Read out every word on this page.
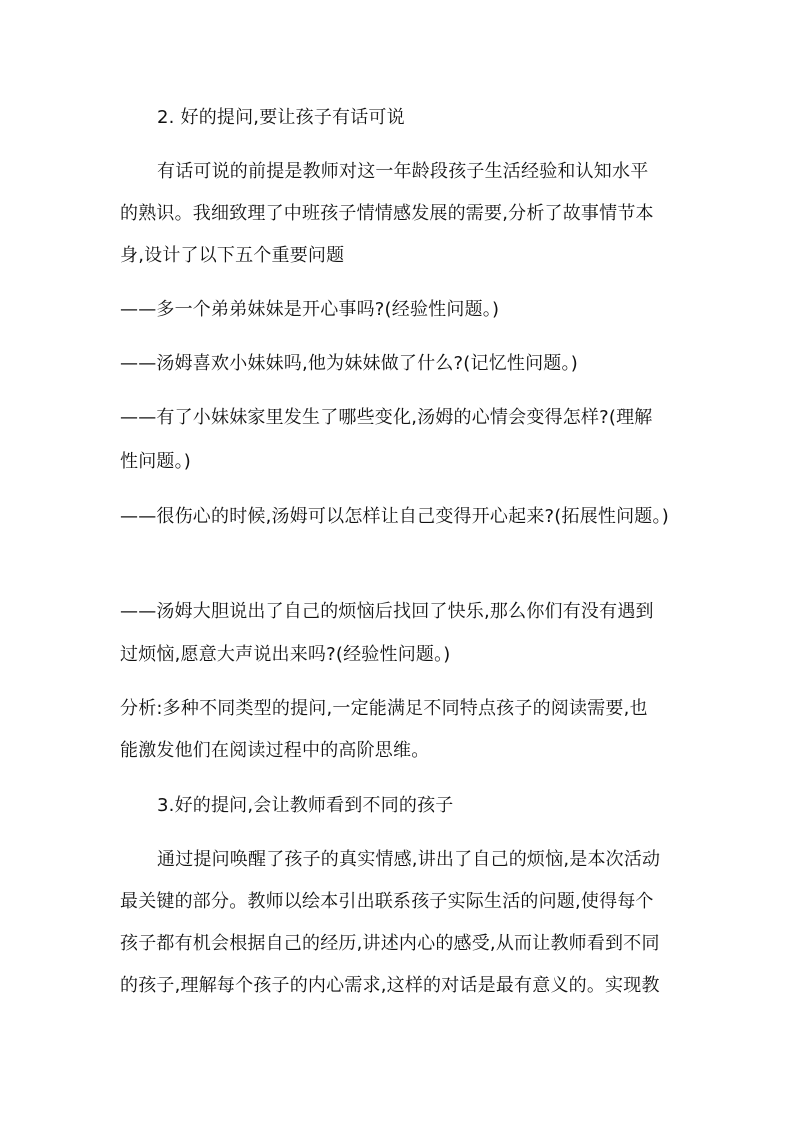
2. 好的提问,要让孩子有话可说
有话可说的前提是教师对这一年龄段孩子生活经验和认知水平
的熟识。我细致理了中班孩子情情感发展的需要,分析了故事情节本
身,设计了以下五个重要问题
——多一个弟弟妹妹是开心事吗?(经验性问题。)
——汤姆喜欢小妹妹吗,他为妹妹做了什么?(记忆性问题。)
——有了小妹妹家里发生了哪些变化,汤姆的心情会变得怎样?(理解
性问题。)
——很伤心的时候,汤姆可以怎样让自己变得开心起来?(拓展性问题。)
——汤姆大胆说出了自己的烦恼后找回了快乐,那么你们有没有遇到
过烦恼,愿意大声说出来吗?(经验性问题。)
分析:多种不同类型的提问,一定能满足不同特点孩子的阅读需要,也
能激发他们在阅读过程中的高阶思维。
3.好的提问,会让教师看到不同的孩子
通过提问唤醒了孩子的真实情感,讲出了自己的烦恼,是本次活动
最关键的部分。教师以绘本引出联系孩子实际生活的问题,使得每个
孩子都有机会根据自己的经历,讲述内心的感受,从而让教师看到不同
的孩子,理解每个孩子的内心需求,这样的对话是最有意义的。实现教
